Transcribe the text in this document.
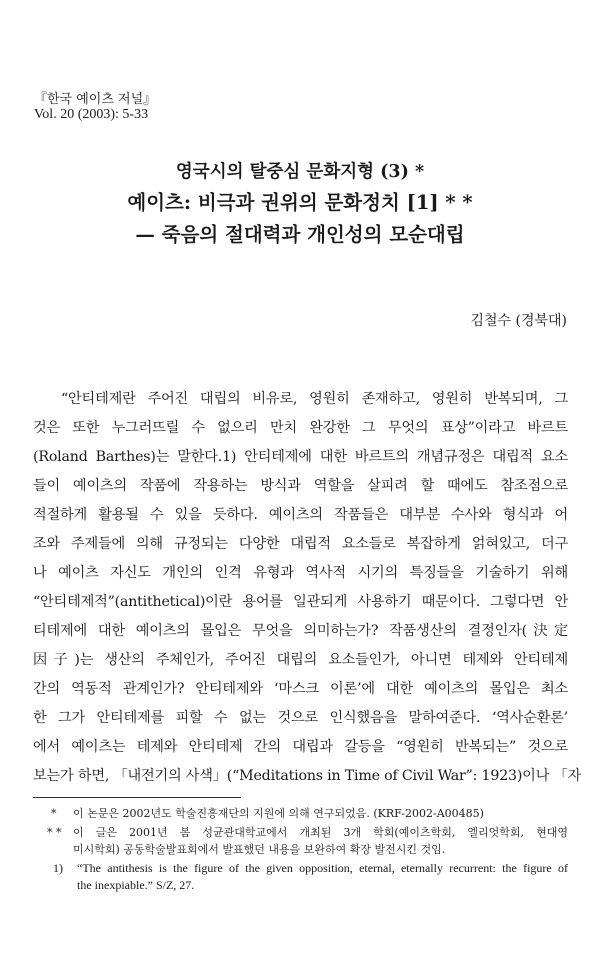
『한국 예이츠 저널』
Vol. 20 (2003): 5-33
영국시의 탈중심 문화지형 (3) *
예이츠: 비극과 권위의 문화정치 [1] * *
— 죽음의 절대력과 개인성의 모순대립
김철수 (경북대)
“안티테제란 주어진 대립의 비유로, 영원히 존재하고, 영원히 반복되며, 그
것은 또한 누그러뜨릴 수 없으리 만치 완강한 그 무엇의 표상”이라고 바르트
(Roland Barthes)는 말한다.1) 안티테제에 대한 바르트의 개념규정은 대립적 요소
들이 예이츠의 작품에 작용하는 방식과 역할을 살피려 할 때에도 참조점으로
적절하게 활용될 수 있을 듯하다. 예이츠의 작품들은 대부분 수사와 형식과 어
조와 주제들에 의해 규정되는 다양한 대립적 요소들로 복잡하게 얽혀있고, 더구
나 예이츠 자신도 개인의 인격 유형과 역사적 시기의 특징들을 기술하기 위해
“안티테제적”(antithetical)이란 용어를 일관되게 사용하기 때문이다. 그렇다면 안
티테제에 대한 예이츠의 몰입은 무엇을 의미하는가? 작품생산의 결정인자(決定
因子)는 생산의 주체인가, 주어진 대립의 요소들인가, 아니면 테제와 안티테제
간의 역동적 관계인가? 안티테제와 ‘마스크 이론’에 대한 예이츠의 몰입은 최소
한 그가 안티테제를 피할 수 없는 것으로 인식했음을 말하여준다. ‘역사순환론’
에서 예이츠는 테제와 안티테제 간의 대립과 갈등을 “영원히 반복되는” 것으로
보는가 하면, 「내전기의 사색」(“Meditations in Time of Civil War”: 1923)이나 「자
*	이 논문은 2002년도 학술진흥재단의 지원에 의해 연구되었음. (KRF-2002-A00485)
* *	이 글은 2001년 봄 성균관대학교에서 개최된 3개 학회(예이츠학회, 엘리엇학회, 현대영
미시학회) 공동학술발표회에서 발표했던 내용을 보완하여 확장 발전시킨 것임.
1)	“The antithesis is the figure of the given opposition, eternal, eternally recurrent: the figure of
the inexpiable.” S/Z, 27.
